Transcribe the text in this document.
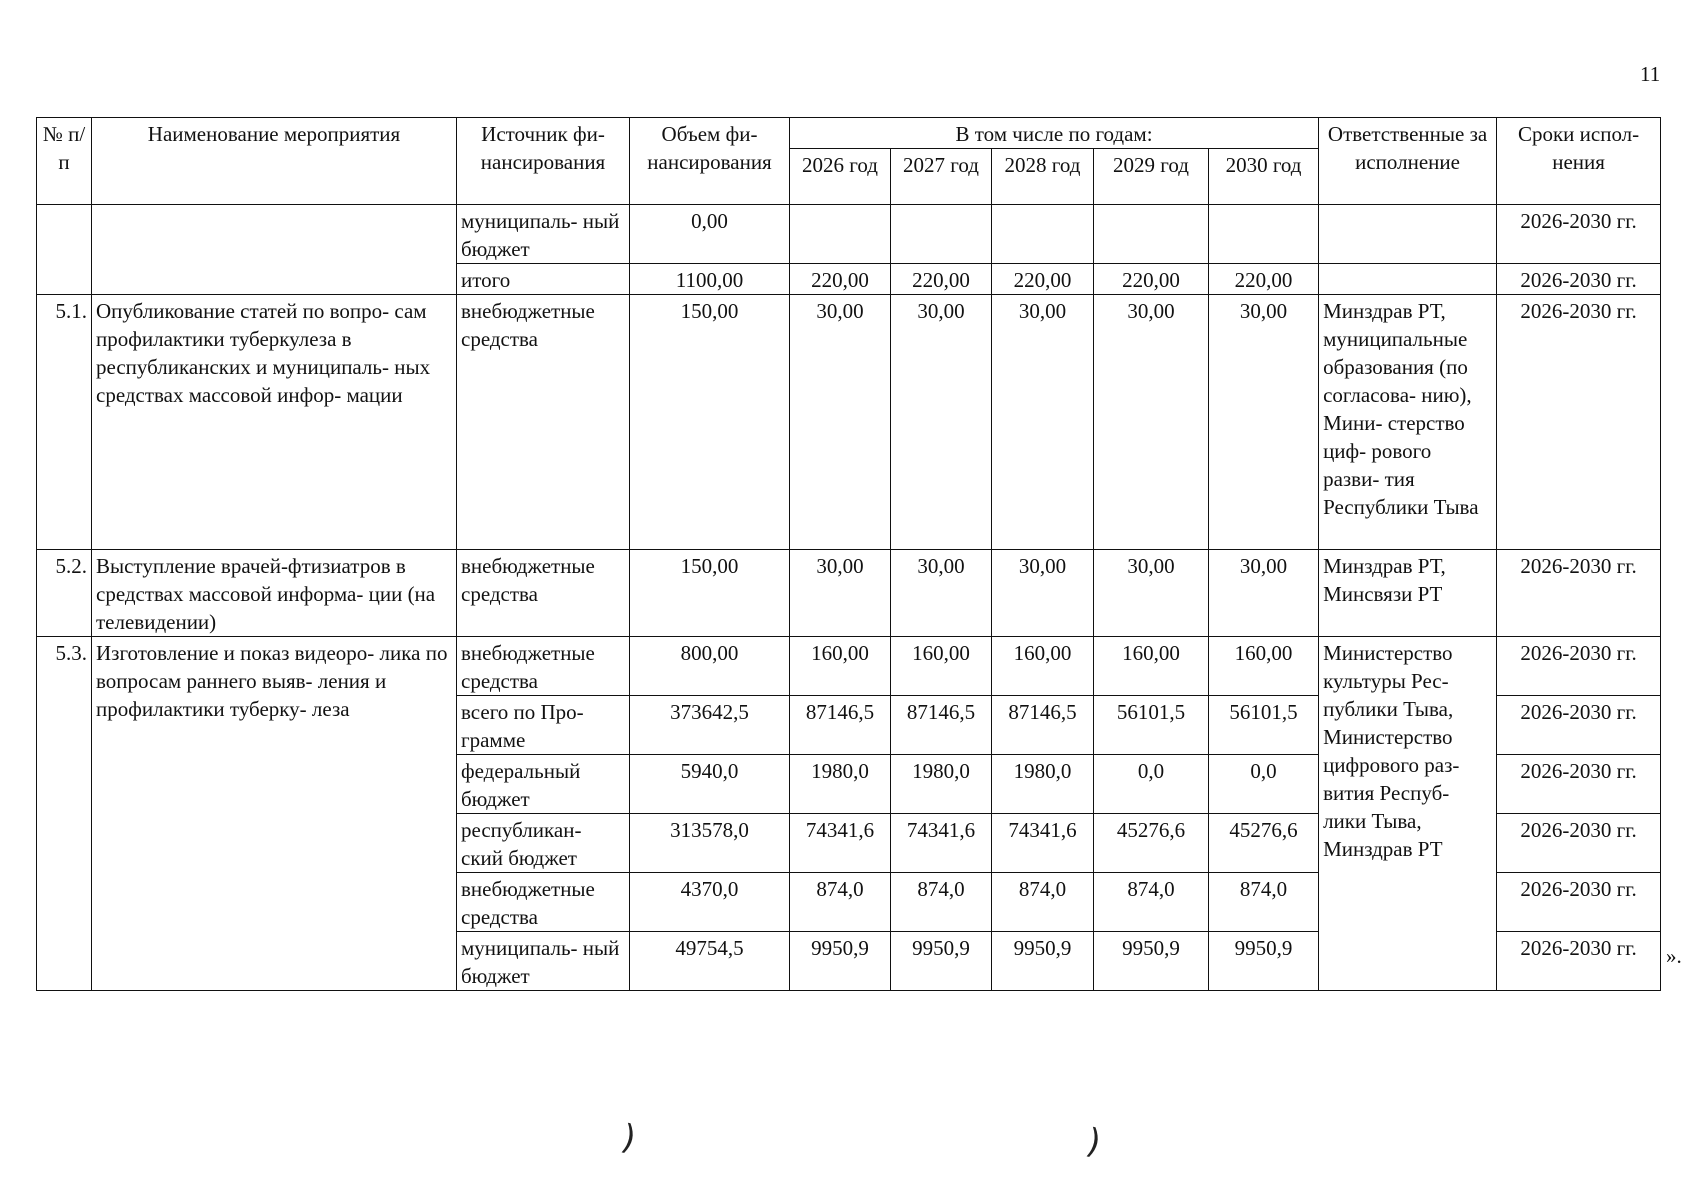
11
№ п/п	Наименование мероприятия	Источник фи- нансирования	Объем фи- нансирования	В том числе по годам:					Ответственные за исполнение	Сроки испол- нения
				2026 год	2027 год	2028 год	2029 год	2030 год		
		муниципаль- ный бюджет	0,00							2026-2030 гг.
		итого	1100,00	220,00	220,00	220,00	220,00	220,00		2026-2030 гг.
5.1.	Опубликование статей по вопро- сам профилактики туберкулеза в республиканских и муниципаль- ных средствах массовой инфор- мации	внебюджетные средства	150,00	30,00	30,00	30,00	30,00	30,00	Минздрав РТ, муниципальные образования (по согласова- нию), Мини- стерство циф- рового разви- тия Республики Тыва	2026-2030 гг.
5.2.	Выступление врачей-фтизиатров в средствах массовой информа- ции (на телевидении)	внебюджетные средства	150,00	30,00	30,00	30,00	30,00	30,00	Минздрав РТ, Минсвязи РТ	2026-2030 гг.
5.3.	Изготовление и показ видеоро- лика по вопросам раннего выяв- ления и профилактики туберку- леза	внебюджетные средства	800,00	160,00	160,00	160,00	160,00	160,00	Министерство культуры Рес- публики Тыва, Министерство цифрового раз- вития Респуб- лики Тыва, Минздрав РТ	2026-2030 гг.
		всего по Про- грамме	373642,5	87146,5	87146,5	87146,5	56101,5	56101,5		2026-2030 гг.
		федеральный бюджет	5940,0	1980,0	1980,0	1980,0	0,0	0,0		2026-2030 гг.
		республикан- ский бюджет	313578,0	74341,6	74341,6	74341,6	45276,6	45276,6		2026-2030 гг.
		внебюджетные средства	4370,0	874,0	874,0	874,0	874,0	874,0		2026-2030 гг.
		муниципаль- ный бюджет	49754,5	9950,9	9950,9	9950,9	9950,9	9950,9		2026-2030 гг. ».
)	)
